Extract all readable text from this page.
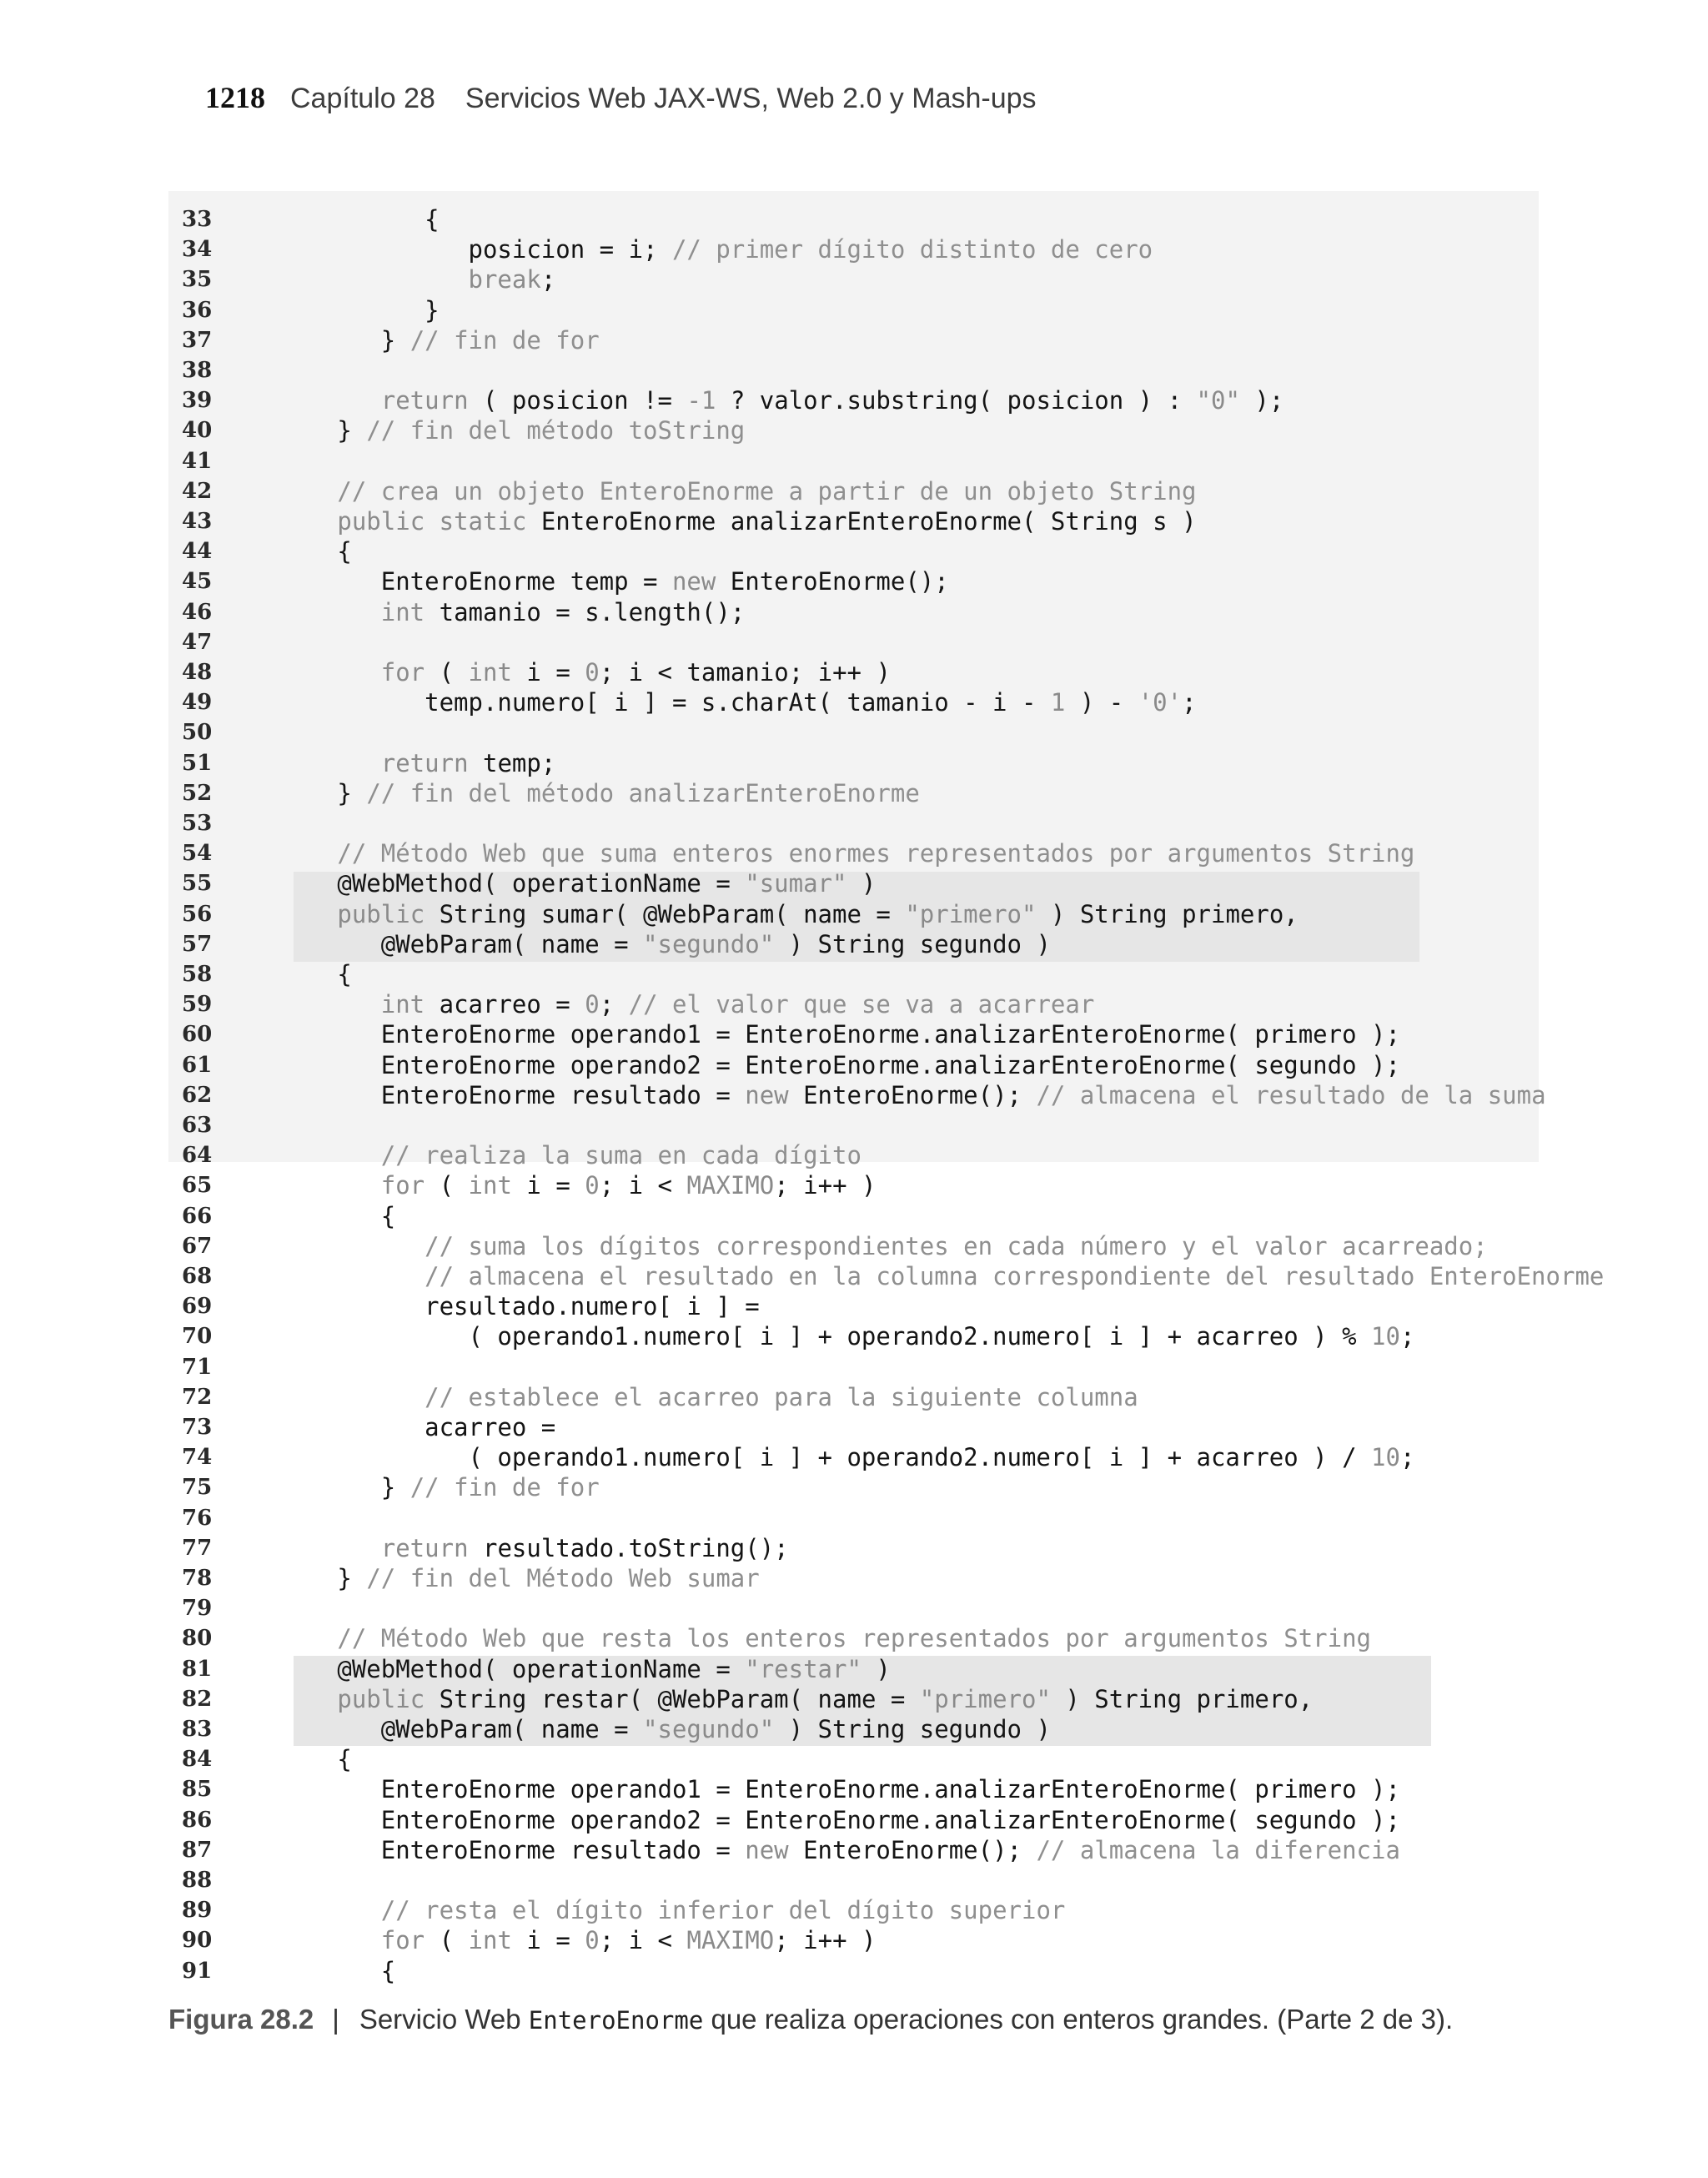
1218 Capítulo 28 Servicios Web JAX-WS, Web 2.0 y Mash-ups
33	{
34	posicion = i; // primer dígito distinto de cero
35	break;
36	}
37	} // fin de for
38
39	return ( posicion != -1 ? valor.substring( posicion ) : "0" );
40	} // fin del método toString
41
42	// crea un objeto EnteroEnorme a partir de un objeto String
43	public static EnteroEnorme analizarEnteroEnorme( String s )
44	{
45	EnteroEnorme temp = new EnteroEnorme();
46	int tamanio = s.length();
47
48	for ( int i = 0; i < tamanio; i++ )
49	temp.numero[ i ] = s.charAt( tamanio - i - 1 ) - '0';
50
51	return temp;
52	} // fin del método analizarEnteroEnorme
53
54	// Método Web que suma enteros enormes representados por argumentos String
55	@WebMethod( operationName = "sumar" )
56	public String sumar( @WebParam( name = "primero" ) String primero,
57	@WebParam( name = "segundo" ) String segundo )
58	{
59	int acarreo = 0; // el valor que se va a acarrear
60	EnteroEnorme operando1 = EnteroEnorme.analizarEnteroEnorme( primero );
61	EnteroEnorme operando2 = EnteroEnorme.analizarEnteroEnorme( segundo );
62	EnteroEnorme resultado = new EnteroEnorme(); // almacena el resultado de la suma
63
64	// realiza la suma en cada dígito
65	for ( int i = 0; i < MAXIMO; i++ )
66	{
67	// suma los dígitos correspondientes en cada número y el valor acarreado;
68	// almacena el resultado en la columna correspondiente del resultado EnteroEnorme
69	resultado.numero[ i ] =
70	( operando1.numero[ i ] + operando2.numero[ i ] + acarreo ) % 10;
71
72	// establece el acarreo para la siguiente columna
73	acarreo =
74	( operando1.numero[ i ] + operando2.numero[ i ] + acarreo ) / 10;
75	} // fin de for
76
77	return resultado.toString();
78	} // fin del Método Web sumar
79
80	// Método Web que resta los enteros representados por argumentos String
81	@WebMethod( operationName = "restar" )
82	public String restar( @WebParam( name = "primero" ) String primero,
83	@WebParam( name = "segundo" ) String segundo )
84	{
85	EnteroEnorme operando1 = EnteroEnorme.analizarEnteroEnorme( primero );
86	EnteroEnorme operando2 = EnteroEnorme.analizarEnteroEnorme( segundo );
87	EnteroEnorme resultado = new EnteroEnorme(); // almacena la diferencia
88
89	// resta el dígito inferior del dígito superior
90	for ( int i = 0; i < MAXIMO; i++ )
91	{
Figura 28.2 | Servicio Web EnteroEnorme que realiza operaciones con enteros grandes. (Parte 2 de 3).
